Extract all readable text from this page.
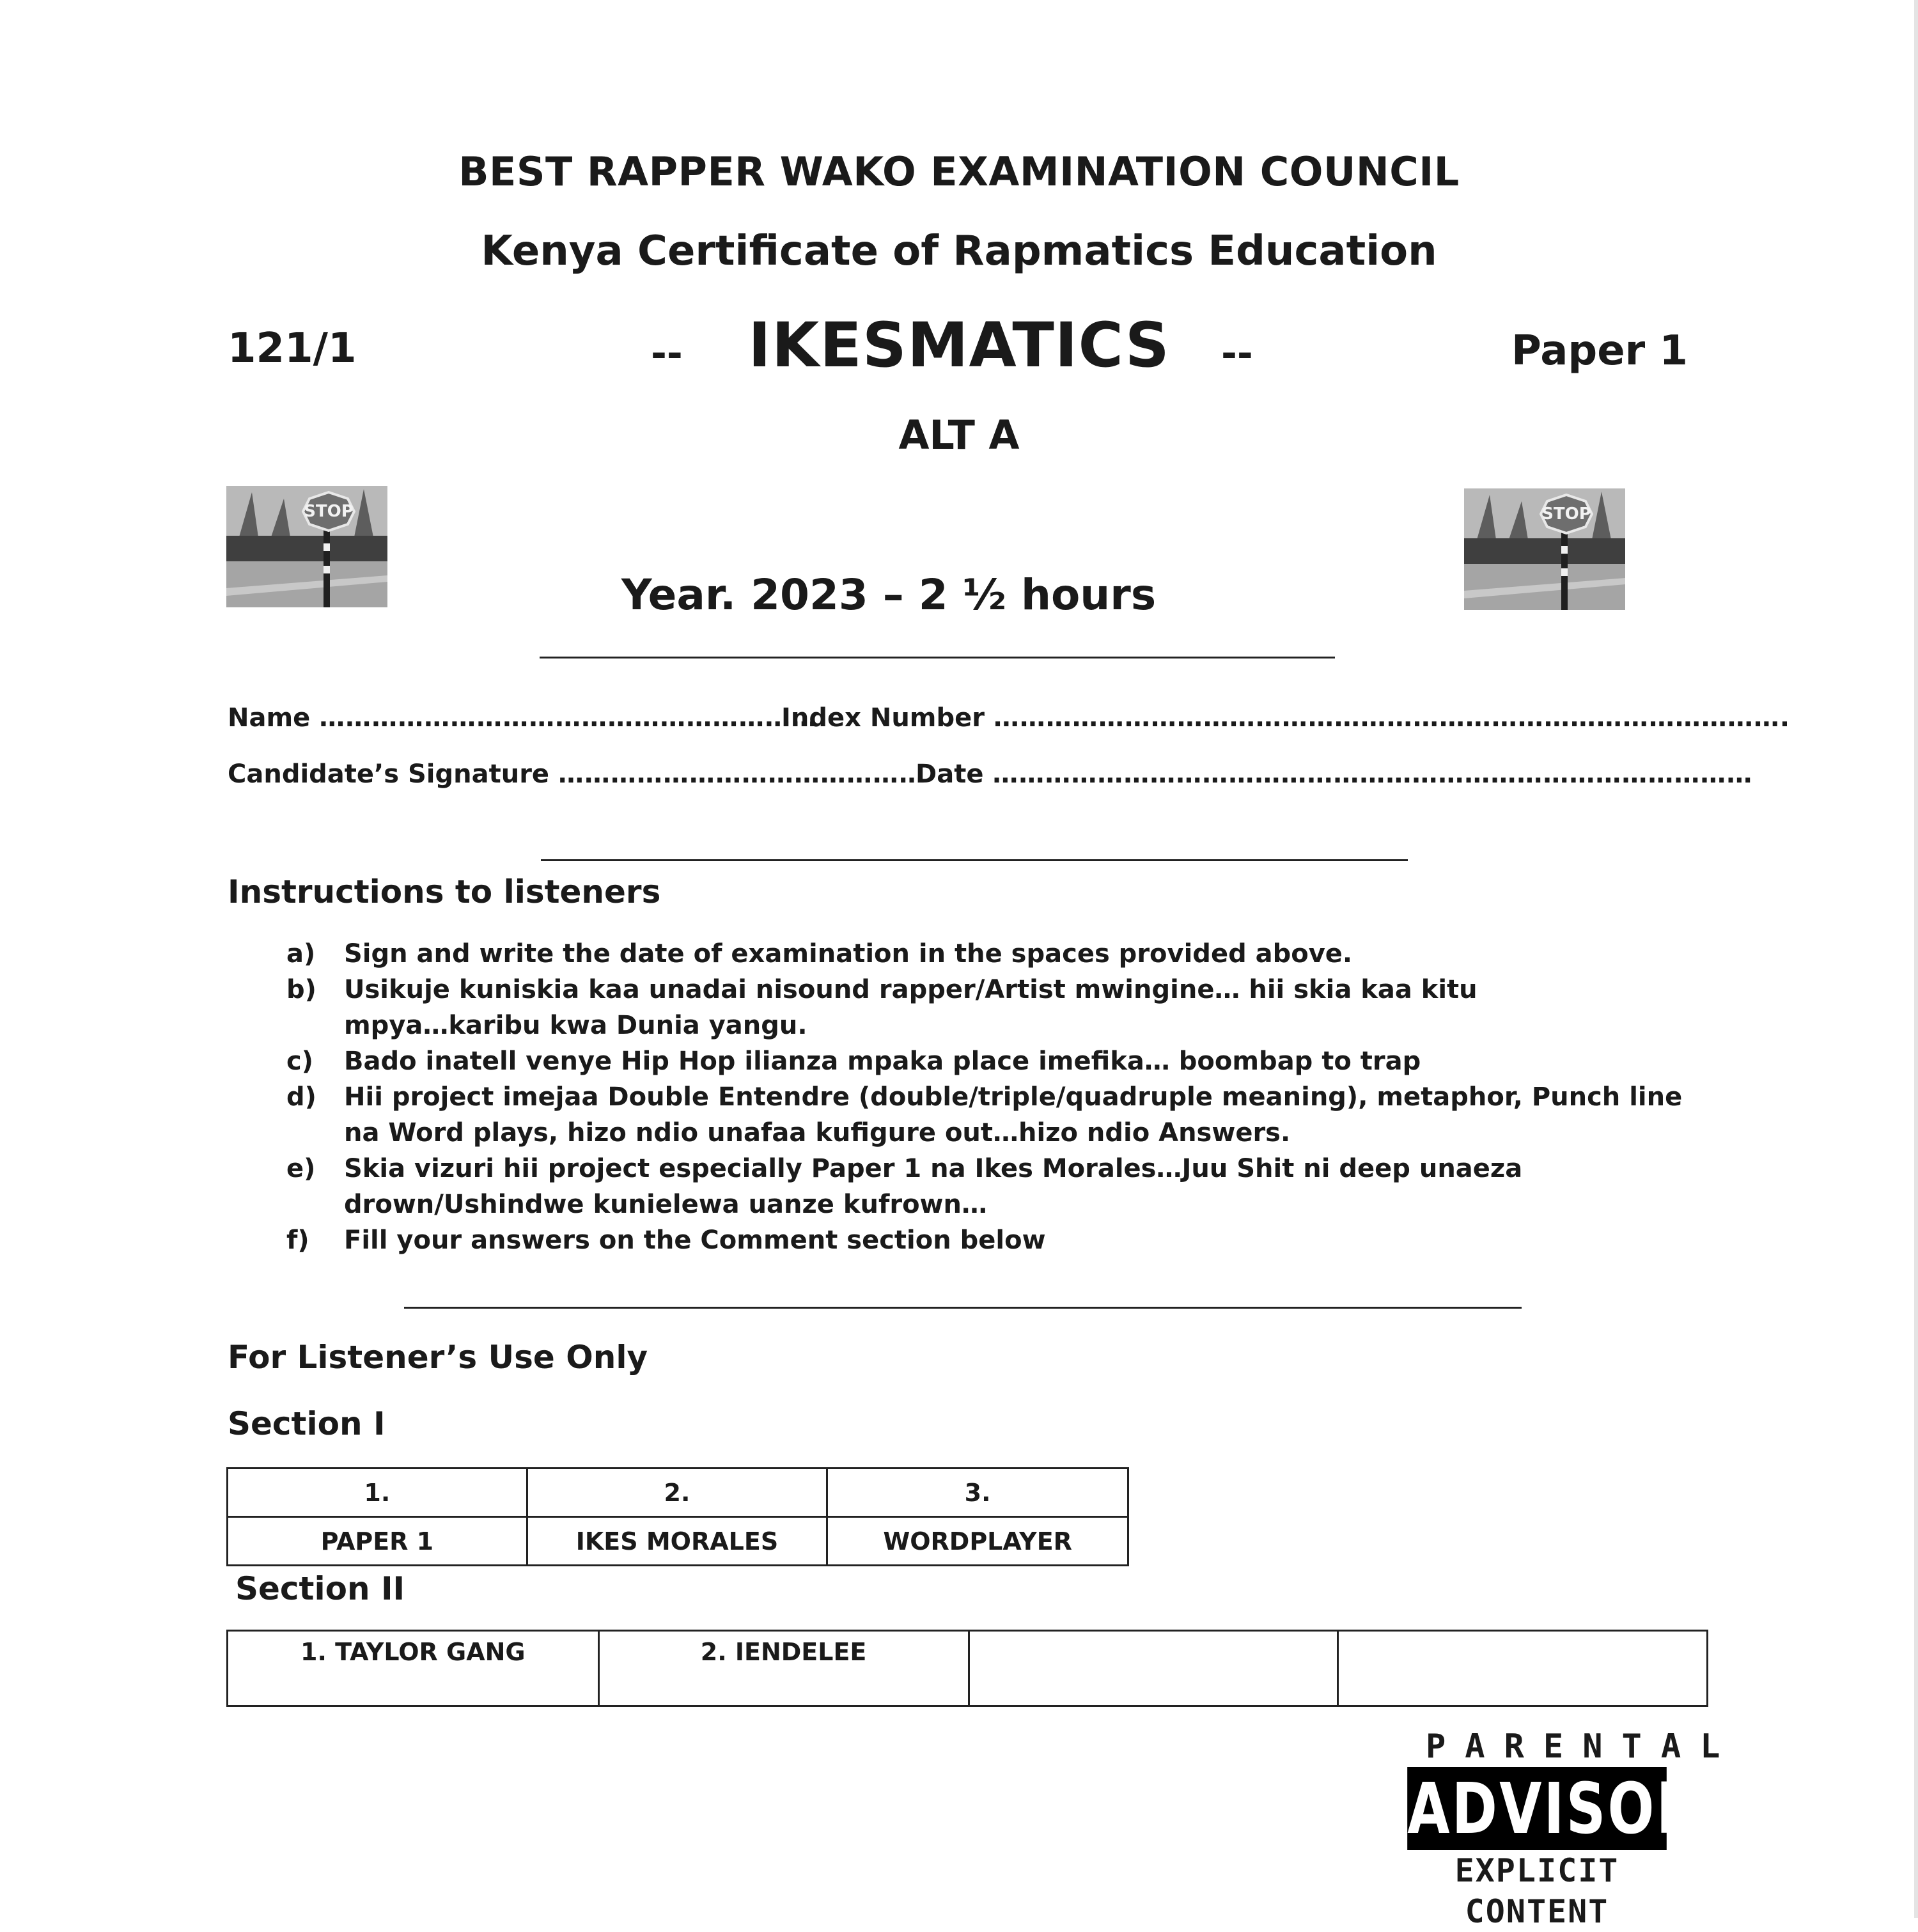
BEST RAPPER WAKO EXAMINATION COUNCIL
Kenya Certificate of Rapmatics Education
121/1	-- IKESMATICS	--	Paper 1
ALT A
STOP	STOP
Year. 2023 – 2 ½ hours
Name …………………………………………………
Index Number ……………………………………………………………………………….
Candidate’s Signature ……………………………………
Date ……………………………………………………………………………
Instructions to listeners
a) Sign and write the date of examination in the spaces provided above.
b) Usikuje kuniskia kaa unadai nisound rapper/Artist mwingine… hii skia kaa kitu mpya…karibu kwa Dunia yangu.
c) Bado inatell venye Hip Hop ilianza mpaka place imefika… boombap to trap
d) Hii project imejaa Double Entendre (double/triple/quadruple meaning), metaphor, Punch line na Word plays, hizo ndio unafaa kufigure out…hizo ndio Answers.
e) Skia vizuri hii project especially Paper 1 na Ikes Morales…Juu Shit ni deep unaeza drown/Ushindwe kunielewa uanze kufrown…
f) Fill your answers on the Comment section below
For Listener’s Use Only
Section I
1.	2.	3.
PAPER 1	IKES MORALES	WORDPLAYER
Section II
1. TAYLOR GANG	2. IENDELEE		
PARENTAL
ADVISORY
EXPLICIT CONTENT
